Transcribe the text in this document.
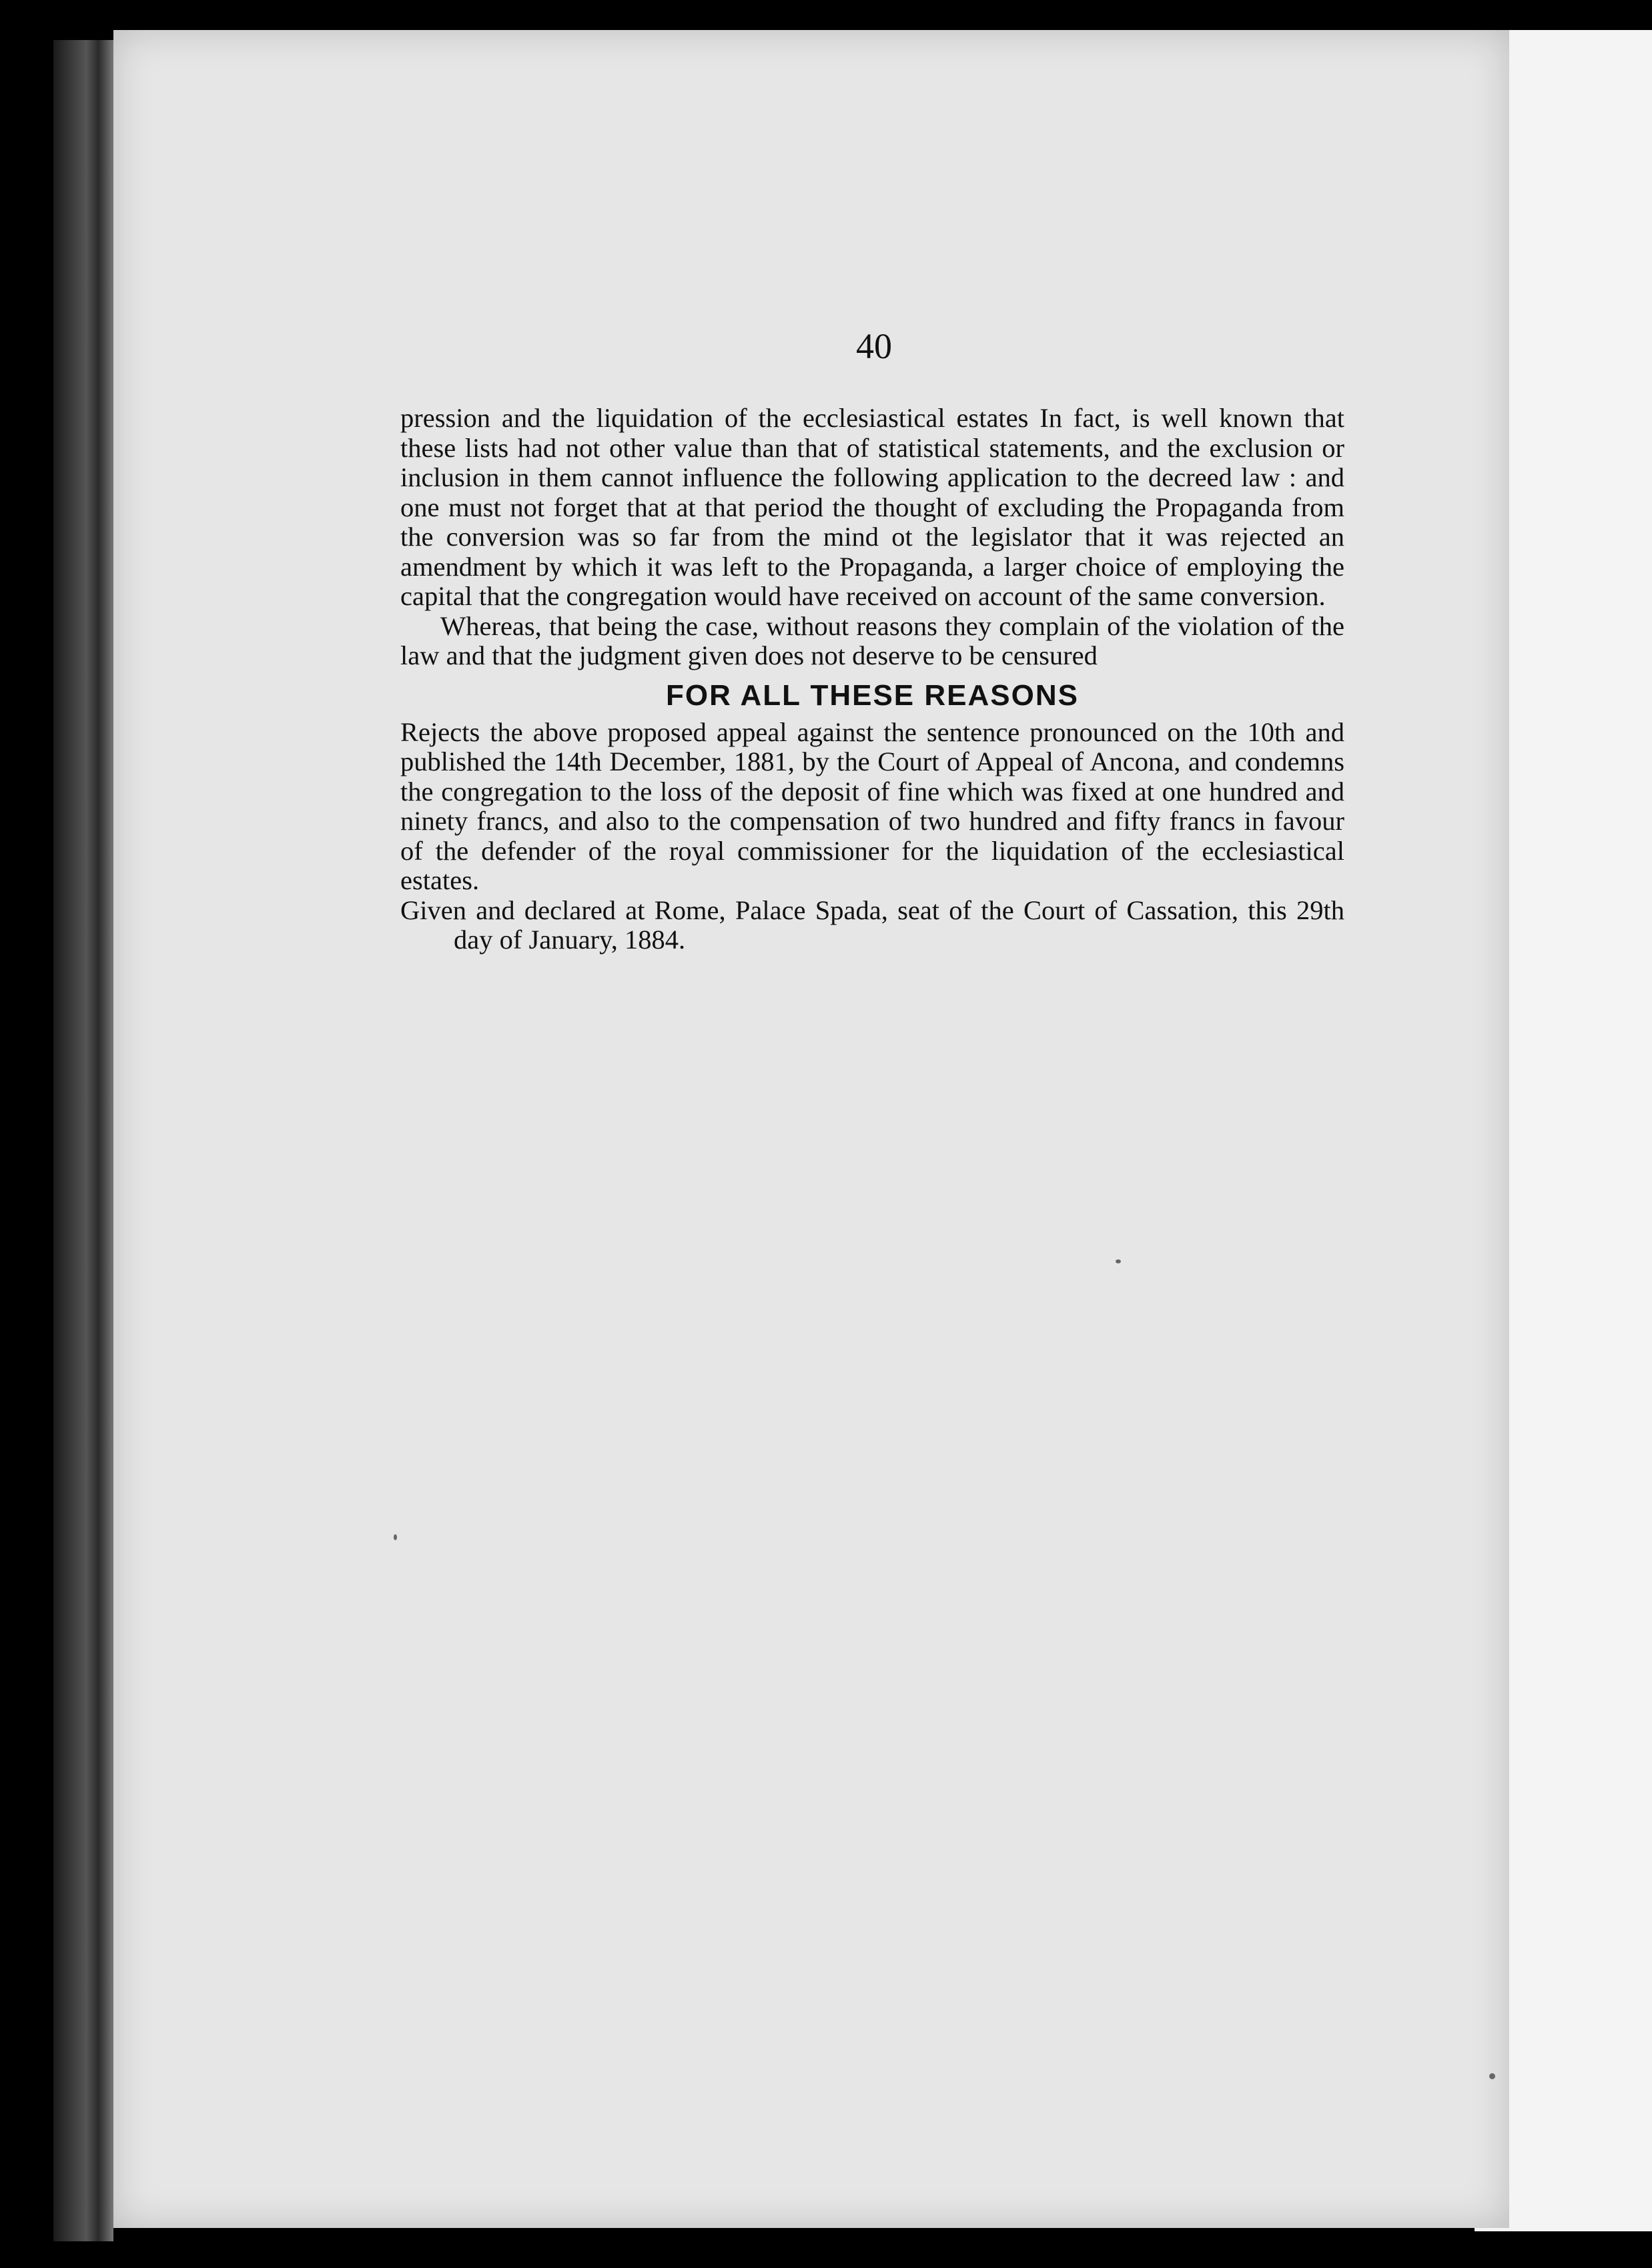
40

pression and the liquidation of the ecclesiastical estates In fact, is well known that these lists had not other value than that of statistical statements, and the exclusion or inclusion in them cannot influence the following application to the decreed law : and one must not forget that at that period the thought of excluding the Propaganda from the conversion was so far from the mind ot the legislator that it was rejected an amendment by which it was left to the Propaganda, a larger choice of employing the capital that the congregation would have received on account of the same conversion.

Whereas, that being the case, without reasons they complain of the violation of the law and that the judgment given does not deserve to be censured

FOR ALL THESE REASONS

Rejects the above proposed appeal against the sentence pronounced on the 10th and published the 14th December, 1881, by the Court of Appeal of Ancona, and condemns the congregation to the loss of the deposit of fine which was fixed at one hundred and ninety francs, and also to the compensation of two hundred and fifty francs in favour of the defender of the royal commissioner for the liquidation of the ecclesiastical estates.

Given and declared at Rome, Palace Spada, seat of the Court of Cassation, this 29th day of January, 1884.
